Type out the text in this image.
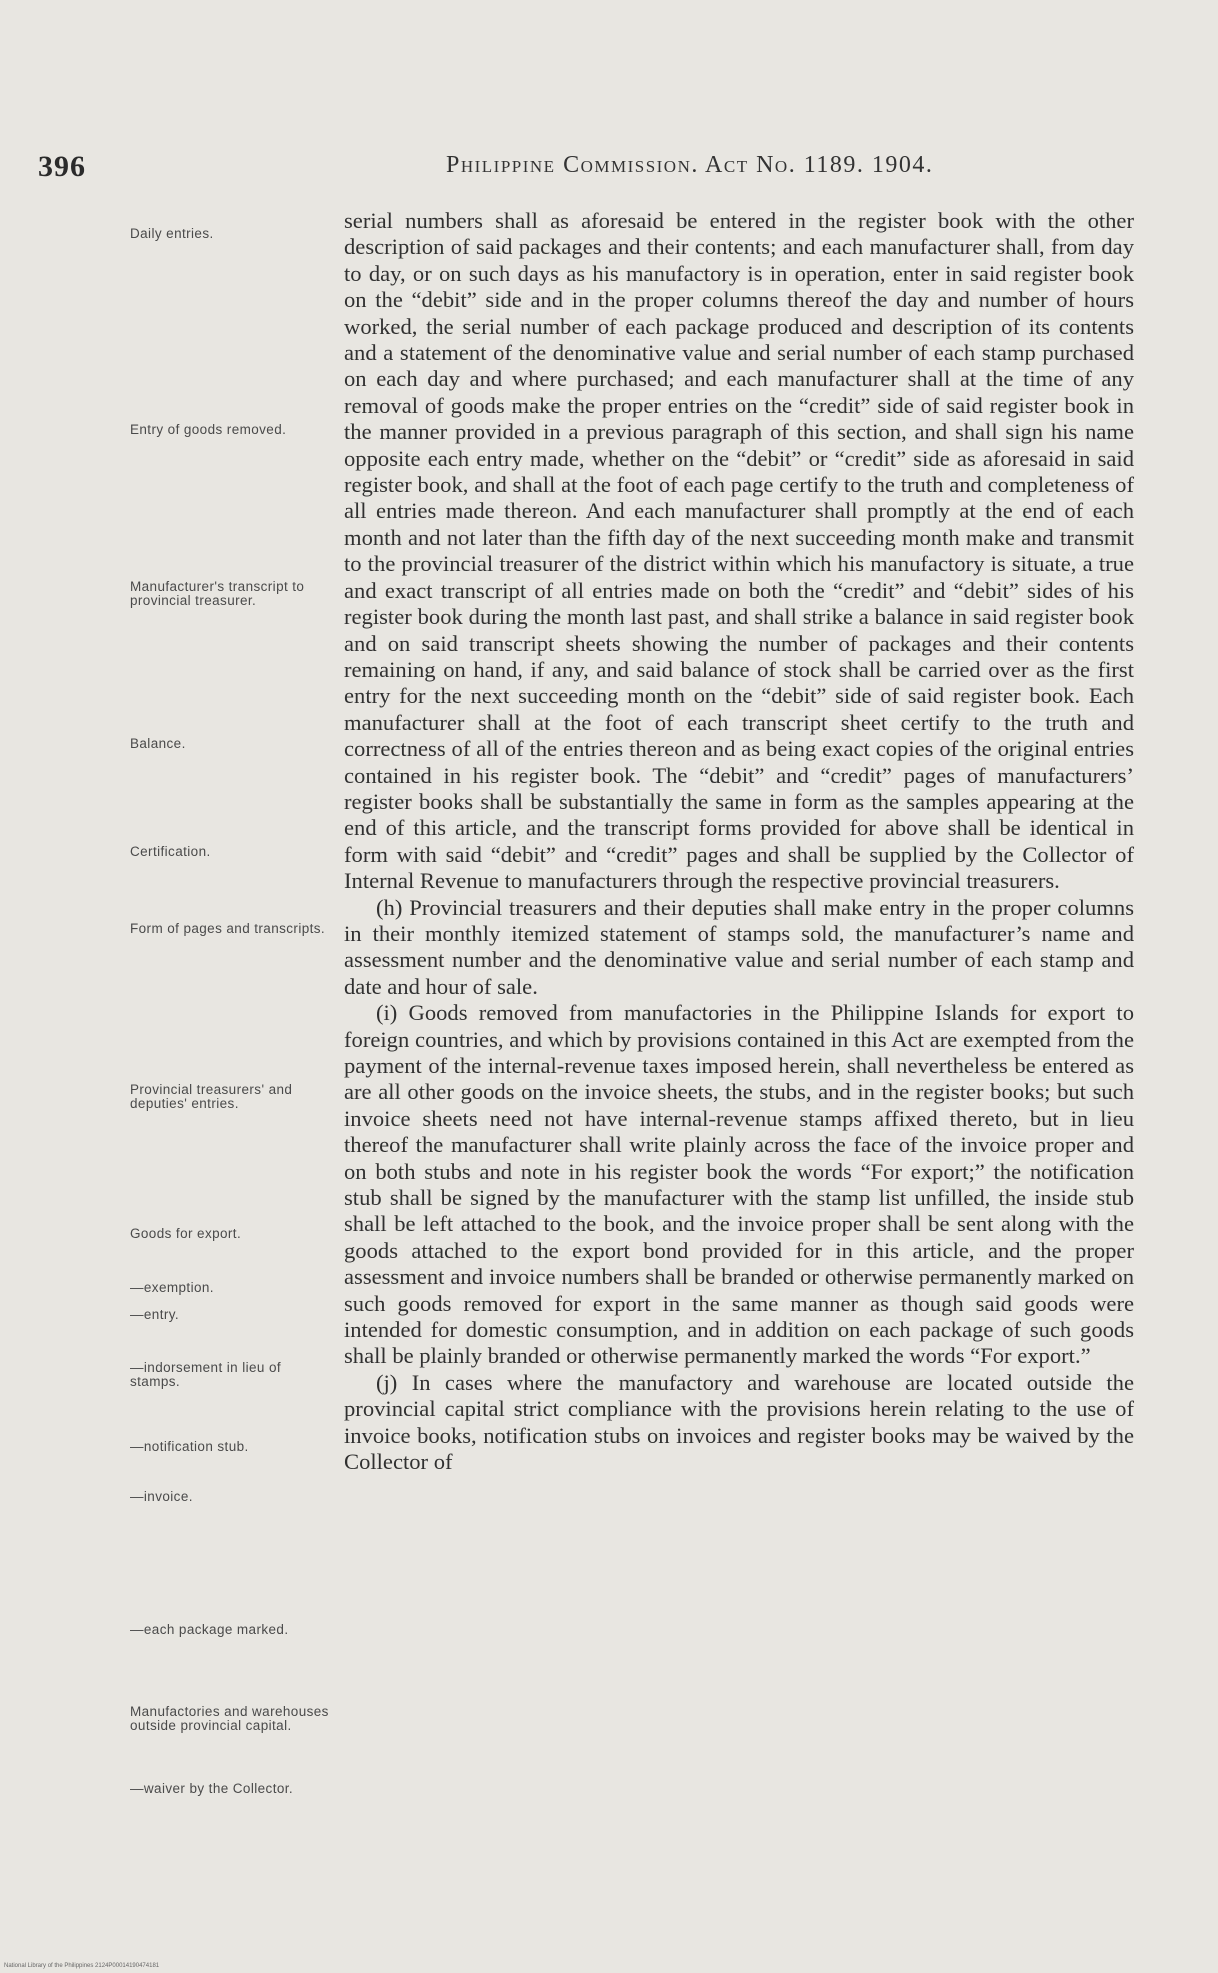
396	Philippine Commission. Act No. 1189. 1904.
Daily entries.
Entry of goods removed.
Manufacturer's transcript to provincial treasurer.
Balance.
Certification.
Form of pages and transcripts.
Provincial treasurers' and deputies' entries.
Goods for export.
—exemption.
—entry.
—indorsement in lieu of stamps.
—notification stub.
—invoice.
—each package marked.
Manufactories and warehouses outside provincial capital.
—waiver by the Collector.

serial numbers shall as aforesaid be entered in the register book with the other description of said packages and their contents; and each manufacturer shall, from day to day, or on such days as his manufactory is in operation, enter in said register book on the “debit” side and in the proper columns thereof the day and number of hours worked, the serial number of each package produced and description of its contents and a statement of the denominative value and serial number of each stamp purchased on each day and where purchased; and each manufacturer shall at the time of any removal of goods make the proper entries on the “credit” side of said register book in the manner provided in a previous paragraph of this section, and shall sign his name opposite each entry made, whether on the “debit” or “credit” side as aforesaid in said register book, and shall at the foot of each page certify to the truth and completeness of all entries made thereon. And each manufacturer shall promptly at the end of each month and not later than the fifth day of the next succeeding month make and transmit to the provincial treasurer of the district within which his manufactory is situate, a true and exact transcript of all entries made on both the “credit” and “debit” sides of his register book during the month last past, and shall strike a balance in said register book and on said transcript sheets showing the number of packages and their contents remaining on hand, if any, and said balance of stock shall be carried over as the first entry for the next succeeding month on the “debit” side of said register book. Each manufacturer shall at the foot of each transcript sheet certify to the truth and correctness of all of the entries thereon and as being exact copies of the original entries contained in his register book. The “debit” and “credit” pages of manufacturers’ register books shall be substantially the same in form as the samples appearing at the end of this article, and the transcript forms provided for above shall be identical in form with said “debit” and “credit” pages and shall be supplied by the Collector of Internal Revenue to manufacturers through the respective provincial treasurers.

(h) Provincial treasurers and their deputies shall make entry in the proper columns in their monthly itemized statement of stamps sold, the manufacturer’s name and assessment number and the denominative value and serial number of each stamp and date and hour of sale.

(i) Goods removed from manufactories in the Philippine Islands for export to foreign countries, and which by provisions contained in this Act are exempted from the payment of the internal-revenue taxes imposed herein, shall nevertheless be entered as are all other goods on the invoice sheets, the stubs, and in the register books; but such invoice sheets need not have internal-revenue stamps affixed thereto, but in lieu thereof the manufacturer shall write plainly across the face of the invoice proper and on both stubs and note in his register book the words “For export;” the notification stub shall be signed by the manufacturer with the stamp list unfilled, the inside stub shall be left attached to the book, and the invoice proper shall be sent along with the goods attached to the export bond provided for in this article, and the proper assessment and invoice numbers shall be branded or otherwise permanently marked on such goods removed for export in the same manner as though said goods were intended for domestic consumption, and in addition on each package of such goods shall be plainly branded or otherwise permanently marked the words “For export.”

(j) In cases where the manufactory and warehouse are located outside the provincial capital strict compliance with the provisions herein relating to the use of invoice books, notification stubs on invoices and register books may be waived by the Collector of

National Library of the Philippines 2124P00014190474181
